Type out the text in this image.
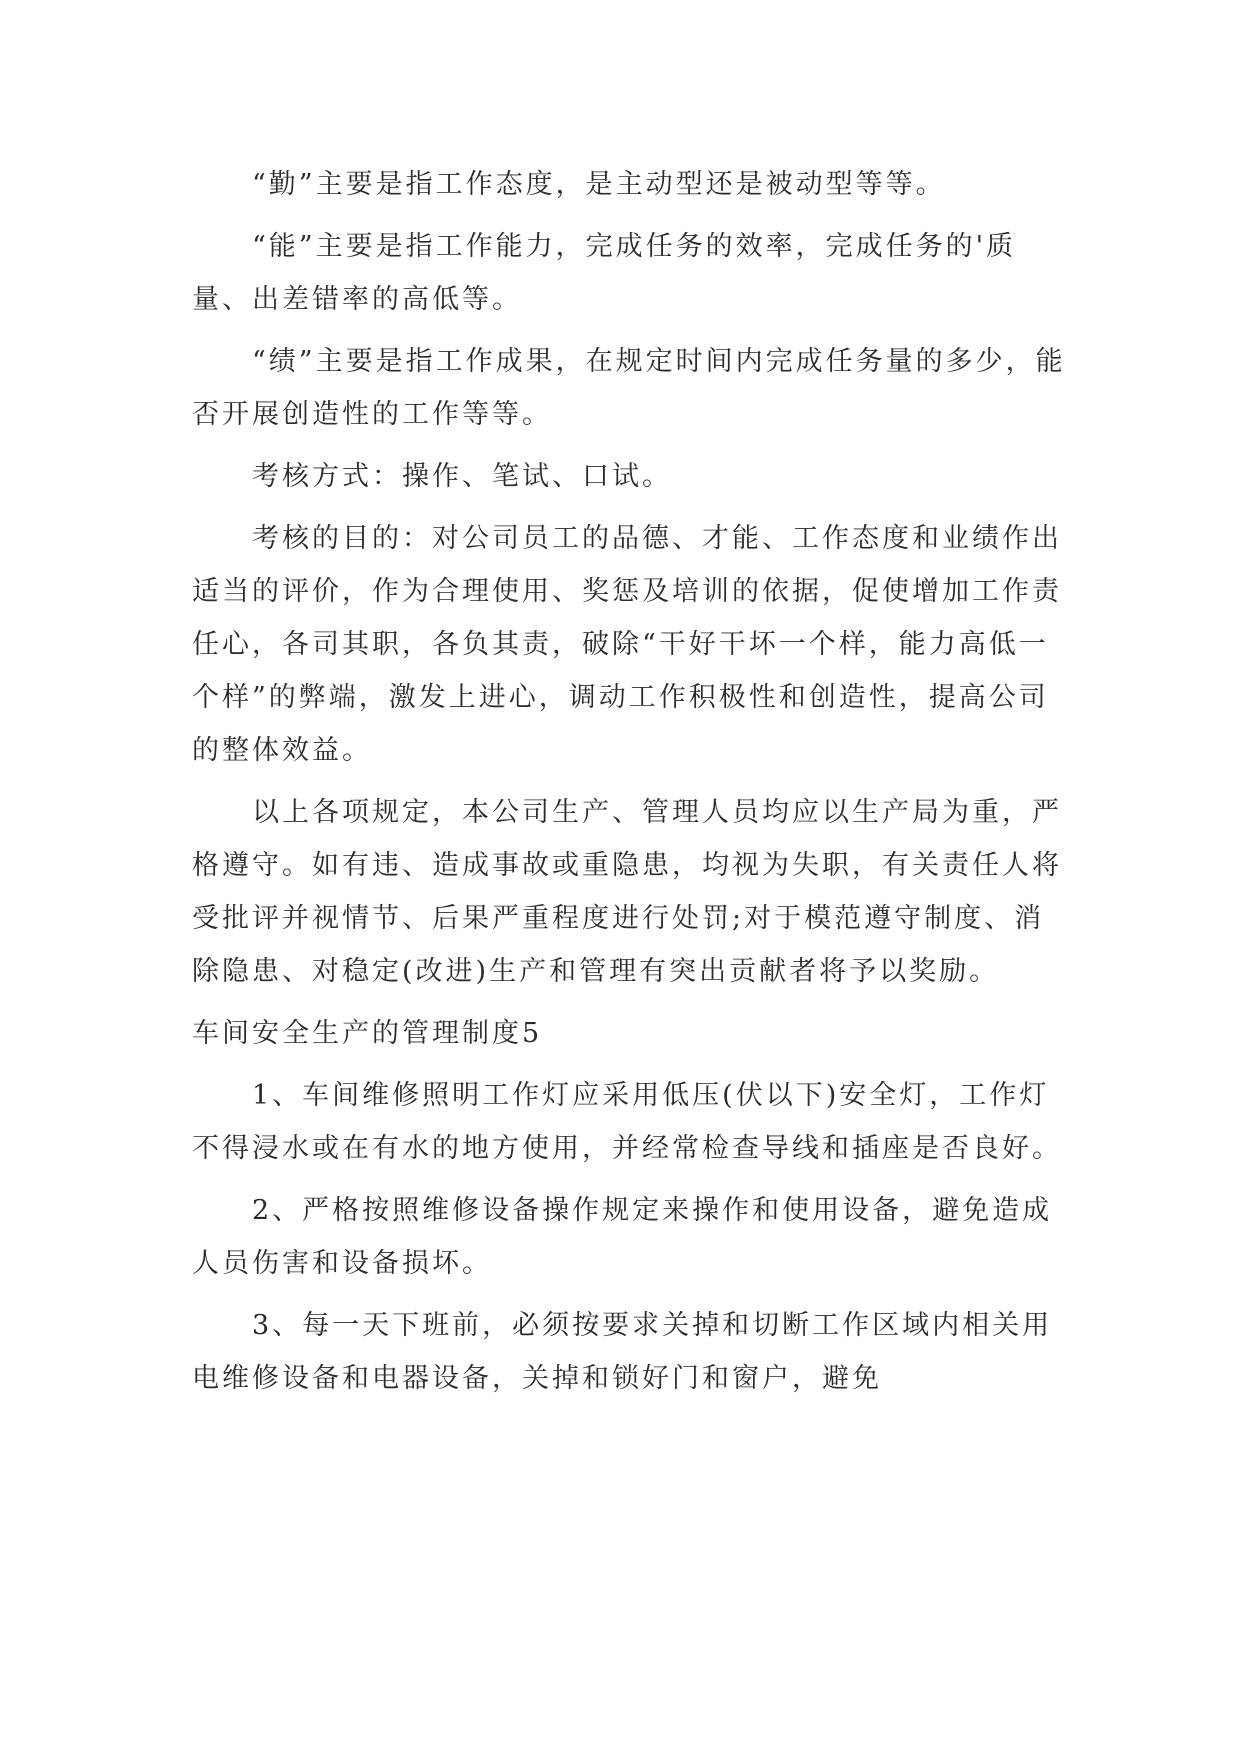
“勤”主要是指工作态度，是主动型还是被动型等等。

“能”主要是指工作能力，完成任务的效率，完成任务的'质量、出差错率的高低等。

“绩”主要是指工作成果，在规定时间内完成任务量的多少，能否开展创造性的工作等等。

考核方式：操作、笔试、口试。

考核的目的：对公司员工的品德、才能、工作态度和业绩作出适当的评价，作为合理使用、奖惩及培训的依据，促使增加工作责任心，各司其职，各负其责，破除“干好干坏一个样，能力高低一个样”的弊端，激发上进心，调动工作积极性和创造性，提高公司的整体效益。

以上各项规定，本公司生产、管理人员均应以生产局为重，严格遵守。如有违、造成事故或重隐患，均视为失职，有关责任人将受批评并视情节、后果严重程度进行处罚;对于模范遵守制度、消除隐患、对稳定(改进)生产和管理有突出贡献者将予以奖励。

车间安全生产的管理制度5

1、车间维修照明工作灯应采用低压(伏以下)安全灯，工作灯不得浸水或在有水的地方使用，并经常检查导线和插座是否良好。

2、严格按照维修设备操作规定来操作和使用设备，避免造成人员伤害和设备损坏。

3、每一天下班前，必须按要求关掉和切断工作区域内相关用电维修设备和电器设备，关掉和锁好门和窗户，避免
